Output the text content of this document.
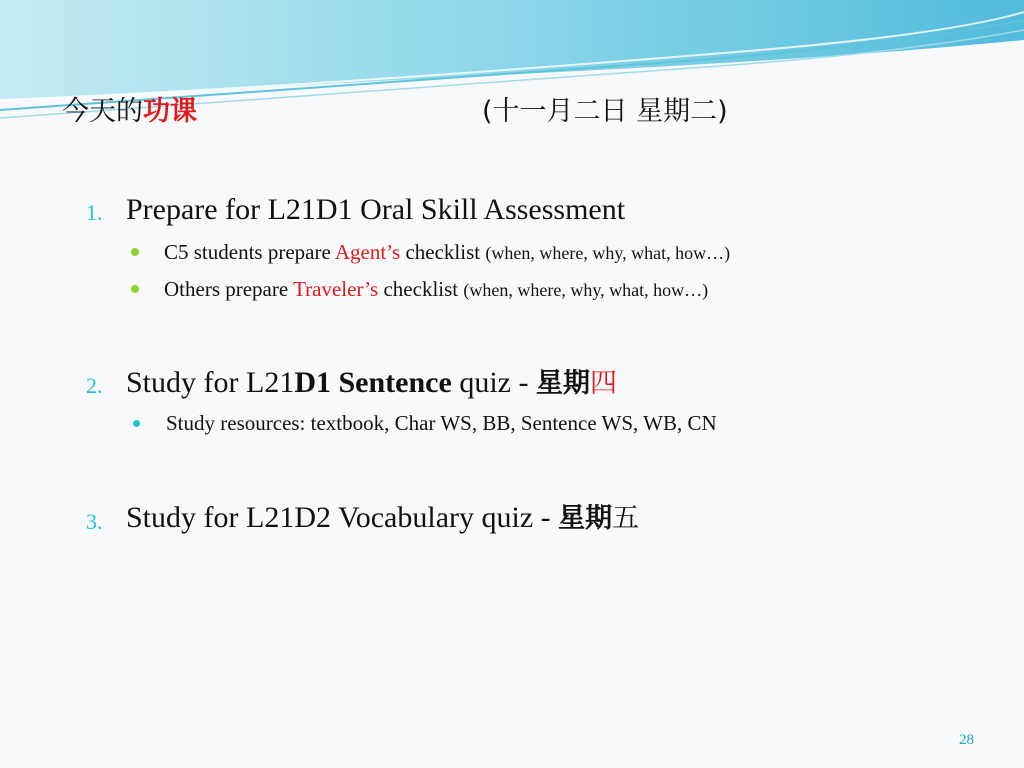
今天的功课	(十一月二日 星期二)
1. Prepare for L21D1 Oral Skill Assessment
C5 students prepare Agent’s checklist (when, where, why, what, how…)
Others prepare Traveler’s checklist (when, where, why, what, how…)
2. Study for L21D1 Sentence quiz - 星期四
Study resources: textbook, Char WS, BB, Sentence WS, WB, CN
3. Study for L21D2 Vocabulary quiz - 星期五
28
